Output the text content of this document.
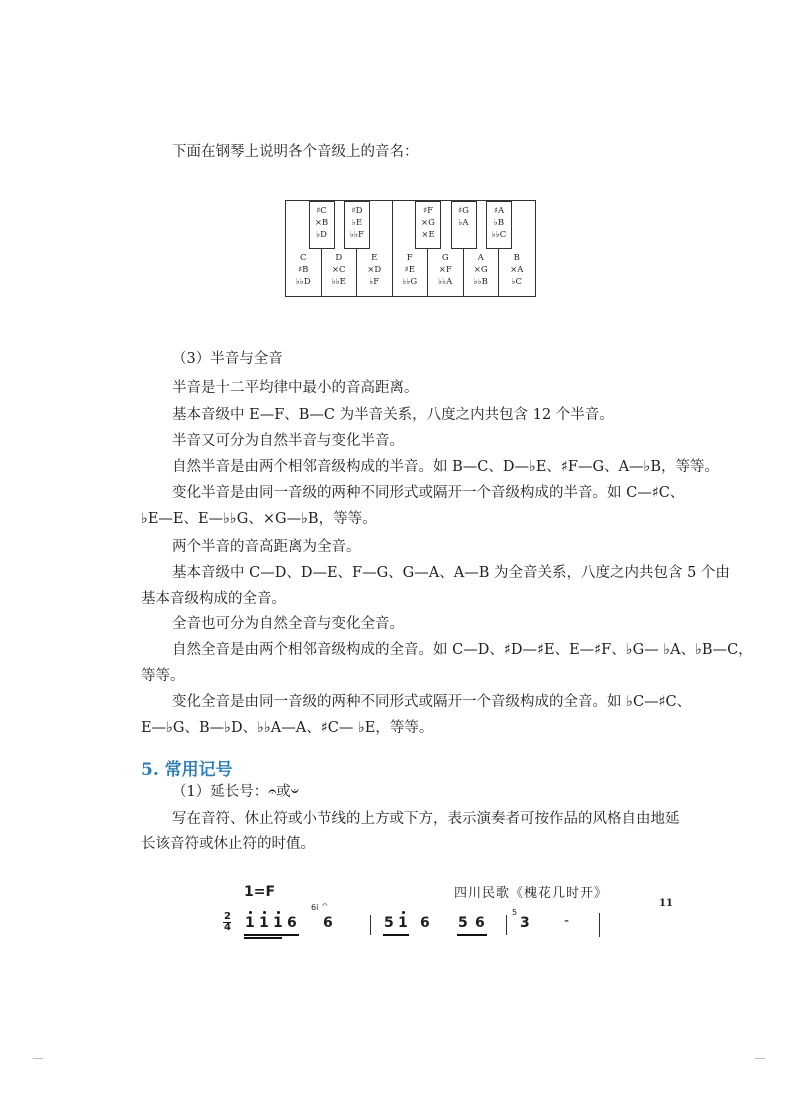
下面在钢琴上说明各个音级上的音名：
C
♯B
♭♭D
D
×C
♭♭E
E
×D
♭F
F
♯E
♭♭G
G
×F
♭♭A
A
×G
♭♭B
B
×A
♭C
♯C
×B
♭D
♯D
♭E
♭♭F
♯F
×G
×E
♯G
♭A
♯A
♭B
♭♭C
（3）半音与全音
半音是十二平均律中最小的音高距离。
基本音级中 E—F、B—C 为半音关系，八度之内共包含 12 个半音。
半音又可分为自然半音与变化半音。
自然半音是由两个相邻音级构成的半音。如 B—C、D—♭E、♯F—G、A—♭B，等等。
变化半音是由同一音级的两种不同形式或隔开一个音级构成的半音。如 C—♯C、
♭E—E、E—♭♭G、×G—♭B，等等。
两个半音的音高距离为全音。
基本音级中 C—D、D—E、F—G、G—A、A—B 为全音关系，八度之内共包含 5 个由
基本音级构成的全音。
全音也可分为自然全音与变化全音。
自然全音是由两个相邻音级构成的全音。如 C—D、♯D—♯E、E—♯F、♭G— ♭A、♭B—C，
等等。
变化全音是由同一音级的两种不同形式或隔开一个音级构成的全音。如 ♭C—♯C、
E—♭G、B—♭D、♭♭A—A、♯C— ♭E，等等。
5. 常用记号
（1）延长号：𝄐或𝄑
写在音符、休止符或小节线的上方或下方，表示演奏者可按作品的风格自由地延
长该音符或休止符的时值。
1=F	四川民歌《槐花几时开》
2
4 1 1 1 6
6i 𝄐
6	5 1 6 5 6
5
3 -
11
